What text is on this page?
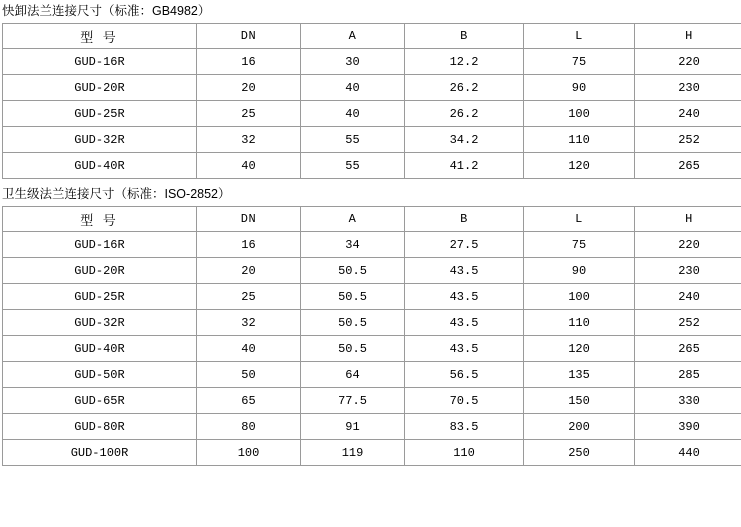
快卸法兰连接尺寸（标准：GB4982）
型 号	DN	A	B	L	H
GUD-16R	16	30	12.2	75	220
GUD-20R	20	40	26.2	90	230
GUD-25R	25	40	26.2	100	240
GUD-32R	32	55	34.2	110	252
GUD-40R	40	55	41.2	120	265
卫生级法兰连接尺寸（标准：ISO-2852）
型 号	DN	A	B	L	H
GUD-16R	16	34	27.5	75	220
GUD-20R	20	50.5	43.5	90	230
GUD-25R	25	50.5	43.5	100	240
GUD-32R	32	50.5	43.5	110	252
GUD-40R	40	50.5	43.5	120	265
GUD-50R	50	64	56.5	135	285
GUD-65R	65	77.5	70.5	150	330
GUD-80R	80	91	83.5	200	390
GUD-100R	100	119	110	250	440
